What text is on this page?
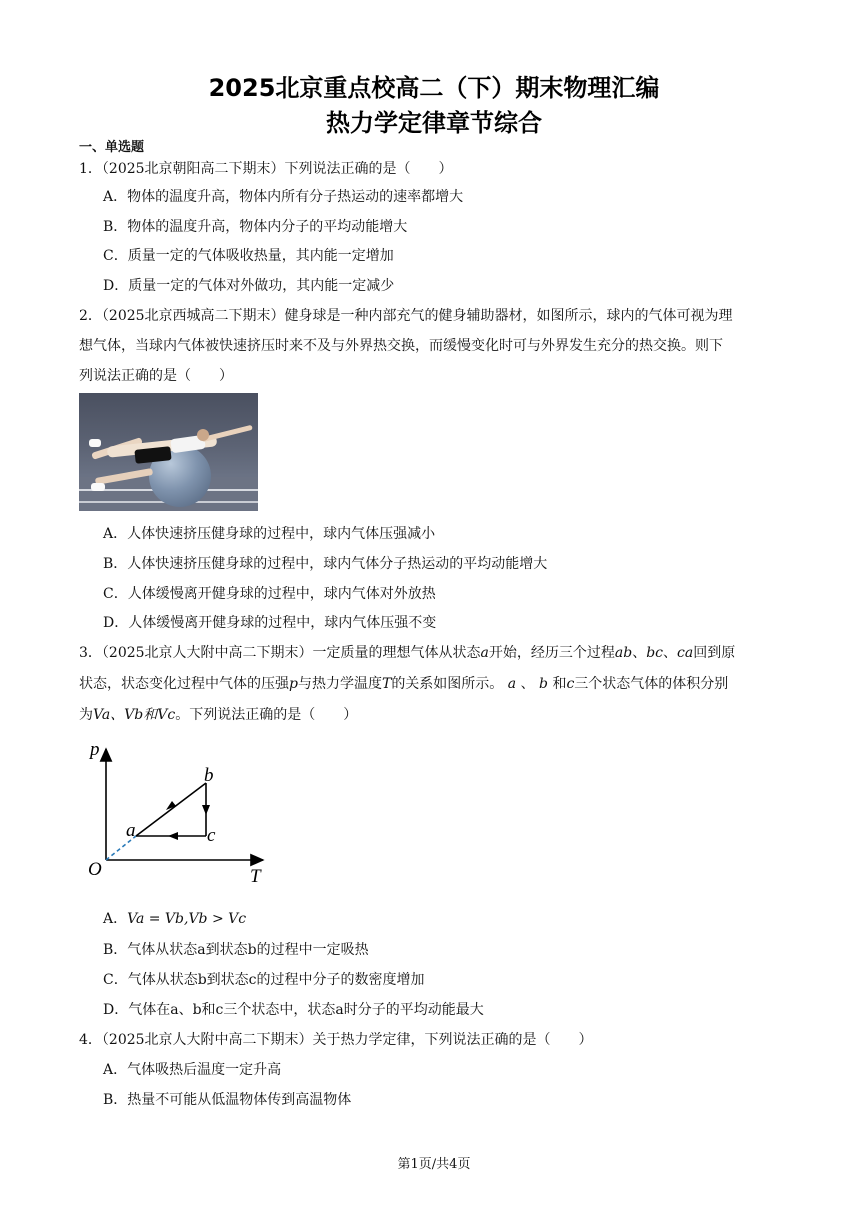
2025北京重点校高二（下）期末物理汇编
热力学定律章节综合
一、单选题
1．（2025北京朝阳高二下期末）下列说法正确的是（　　）
A．物体的温度升高，物体内所有分子热运动的速率都增大
B．物体的温度升高，物体内分子的平均动能增大
C．质量一定的气体吸收热量，其内能一定增加
D．质量一定的气体对外做功，其内能一定减少
2．（2025北京西城高二下期末）健身球是一种内部充气的健身辅助器材，如图所示，球内的气体可视为理
想气体，当球内气体被快速挤压时来不及与外界热交换，而缓慢变化时可与外界发生充分的热交换。则下
列说法正确的是（　　）
A．人体快速挤压健身球的过程中，球内气体压强减小
B．人体快速挤压健身球的过程中，球内气体分子热运动的平均动能增大
C．人体缓慢离开健身球的过程中，球内气体对外放热
D．人体缓慢离开健身球的过程中，球内气体压强不变
3．（2025北京人大附中高二下期末）一定质量的理想气体从状态a开始，经历三个过程ab、bc、ca回到原
状态，状态变化过程中气体的压强p与热力学温度T的关系如图所示。 a 、 b 和c三个状态气体的体积分别
为Va、Vb和Vc。下列说法正确的是（　　）
p
T
O
a
b
c
A．Va = Vb,Vb > Vc
B．气体从状态a到状态b的过程中一定吸热
C．气体从状态b到状态c的过程中分子的数密度增加
D．气体在a、b和c三个状态中，状态a时分子的平均动能最大
4．（2025北京人大附中高二下期末）关于热力学定律，下列说法正确的是（　　）
A．气体吸热后温度一定升高
B．热量不可能从低温物体传到高温物体
第1页/共4页
